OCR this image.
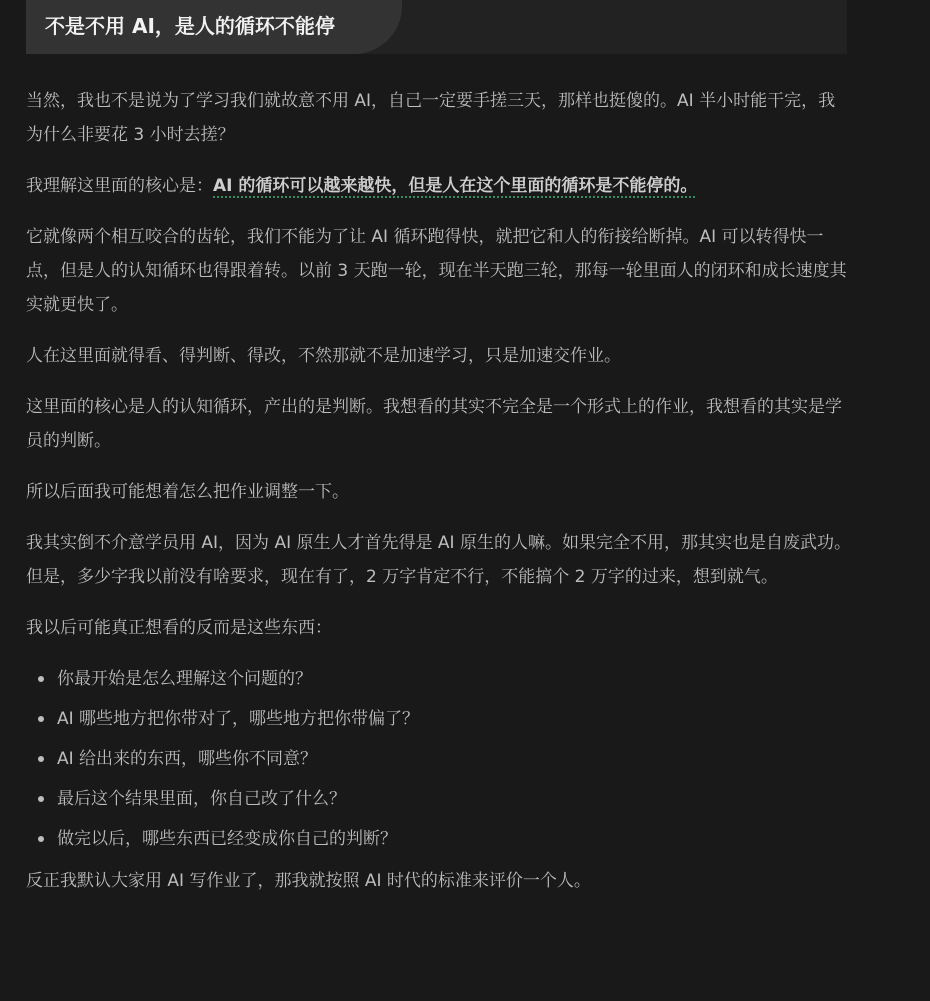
不是不用 AI，是人的循环不能停

当然，我也不是说为了学习我们就故意不用 AI，自己一定要手搓三天，那样也挺傻的。AI 半小时能干完，我为什么非要花 3 小时去搓？

我理解这里面的核心是：AI 的循环可以越来越快，但是人在这个里面的循环是不能停的。

它就像两个相互咬合的齿轮，我们不能为了让 AI 循环跑得快，就把它和人的衔接给断掉。AI 可以转得快一点，但是人的认知循环也得跟着转。以前 3 天跑一轮，现在半天跑三轮，那每一轮里面人的闭环和成长速度其实就更快了。

人在这里面就得看、得判断、得改，不然那就不是加速学习，只是加速交作业。

这里面的核心是人的认知循环，产出的是判断。我想看的其实不完全是一个形式上的作业，我想看的其实是学员的判断。

所以后面我可能想着怎么把作业调整一下。

我其实倒不介意学员用 AI，因为 AI 原生人才首先得是 AI 原生的人嘛。如果完全不用，那其实也是自废武功。但是，多少字我以前没有啥要求，现在有了，2 万字肯定不行，不能搞个 2 万字的过来，想到就气。

我以后可能真正想看的反而是这些东西：

你最开始是怎么理解这个问题的？
AI 哪些地方把你带对了，哪些地方把你带偏了？
AI 给出来的东西，哪些你不同意？
最后这个结果里面，你自己改了什么？
做完以后，哪些东西已经变成你自己的判断？

反正我默认大家用 AI 写作业了，那我就按照 AI 时代的标准来评价一个人。
